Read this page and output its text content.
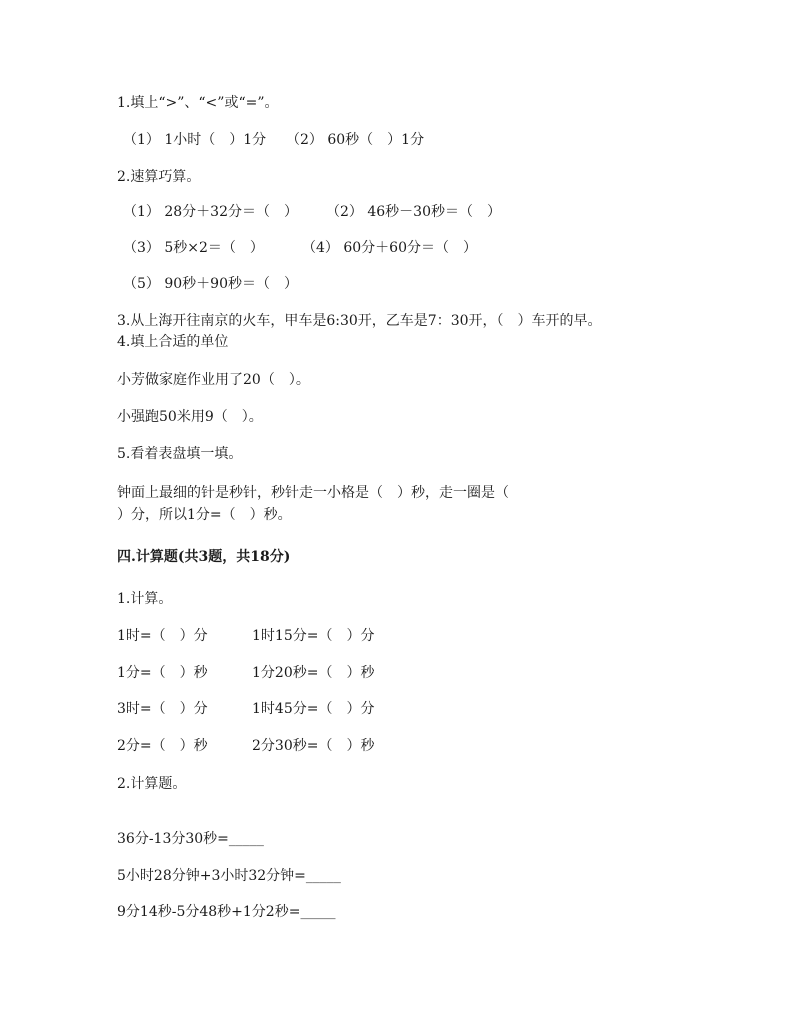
1.填上“>”、“<”或“=”。
（1） 1小时（　）1分 （2） 60秒（　）1分
2.速算巧算。
（1） 28分＋32分＝（　） （2） 46秒－30秒＝（　）
（3） 5秒×2＝（　）	（4） 60分＋60分＝（　）
（5） 90秒＋90秒＝（　）
3.从上海开往南京的火车，甲车是6:30开，乙车是7：30开，（　）车开的早。
4.填上合适的单位
小芳做家庭作业用了20（　）。
小强跑50米用9（　）。
5.看着表盘填一填。
钟面上最细的针是秒针，秒针走一小格是（　）秒，走一圈是（
）分，所以1分=（　）秒。
四.计算题(共3题，共18分)
1.计算。
1时=（　）分	1时15分=（　）分
1分=（　）秒	1分20秒=（　）秒
3时=（　）分	1时45分=（　）分
2分=（　）秒	2分30秒=（　）秒
2.计算题。
36分-13分30秒=_____
5小时28分钟+3小时32分钟=_____
9分14秒-5分48秒+1分2秒=_____
